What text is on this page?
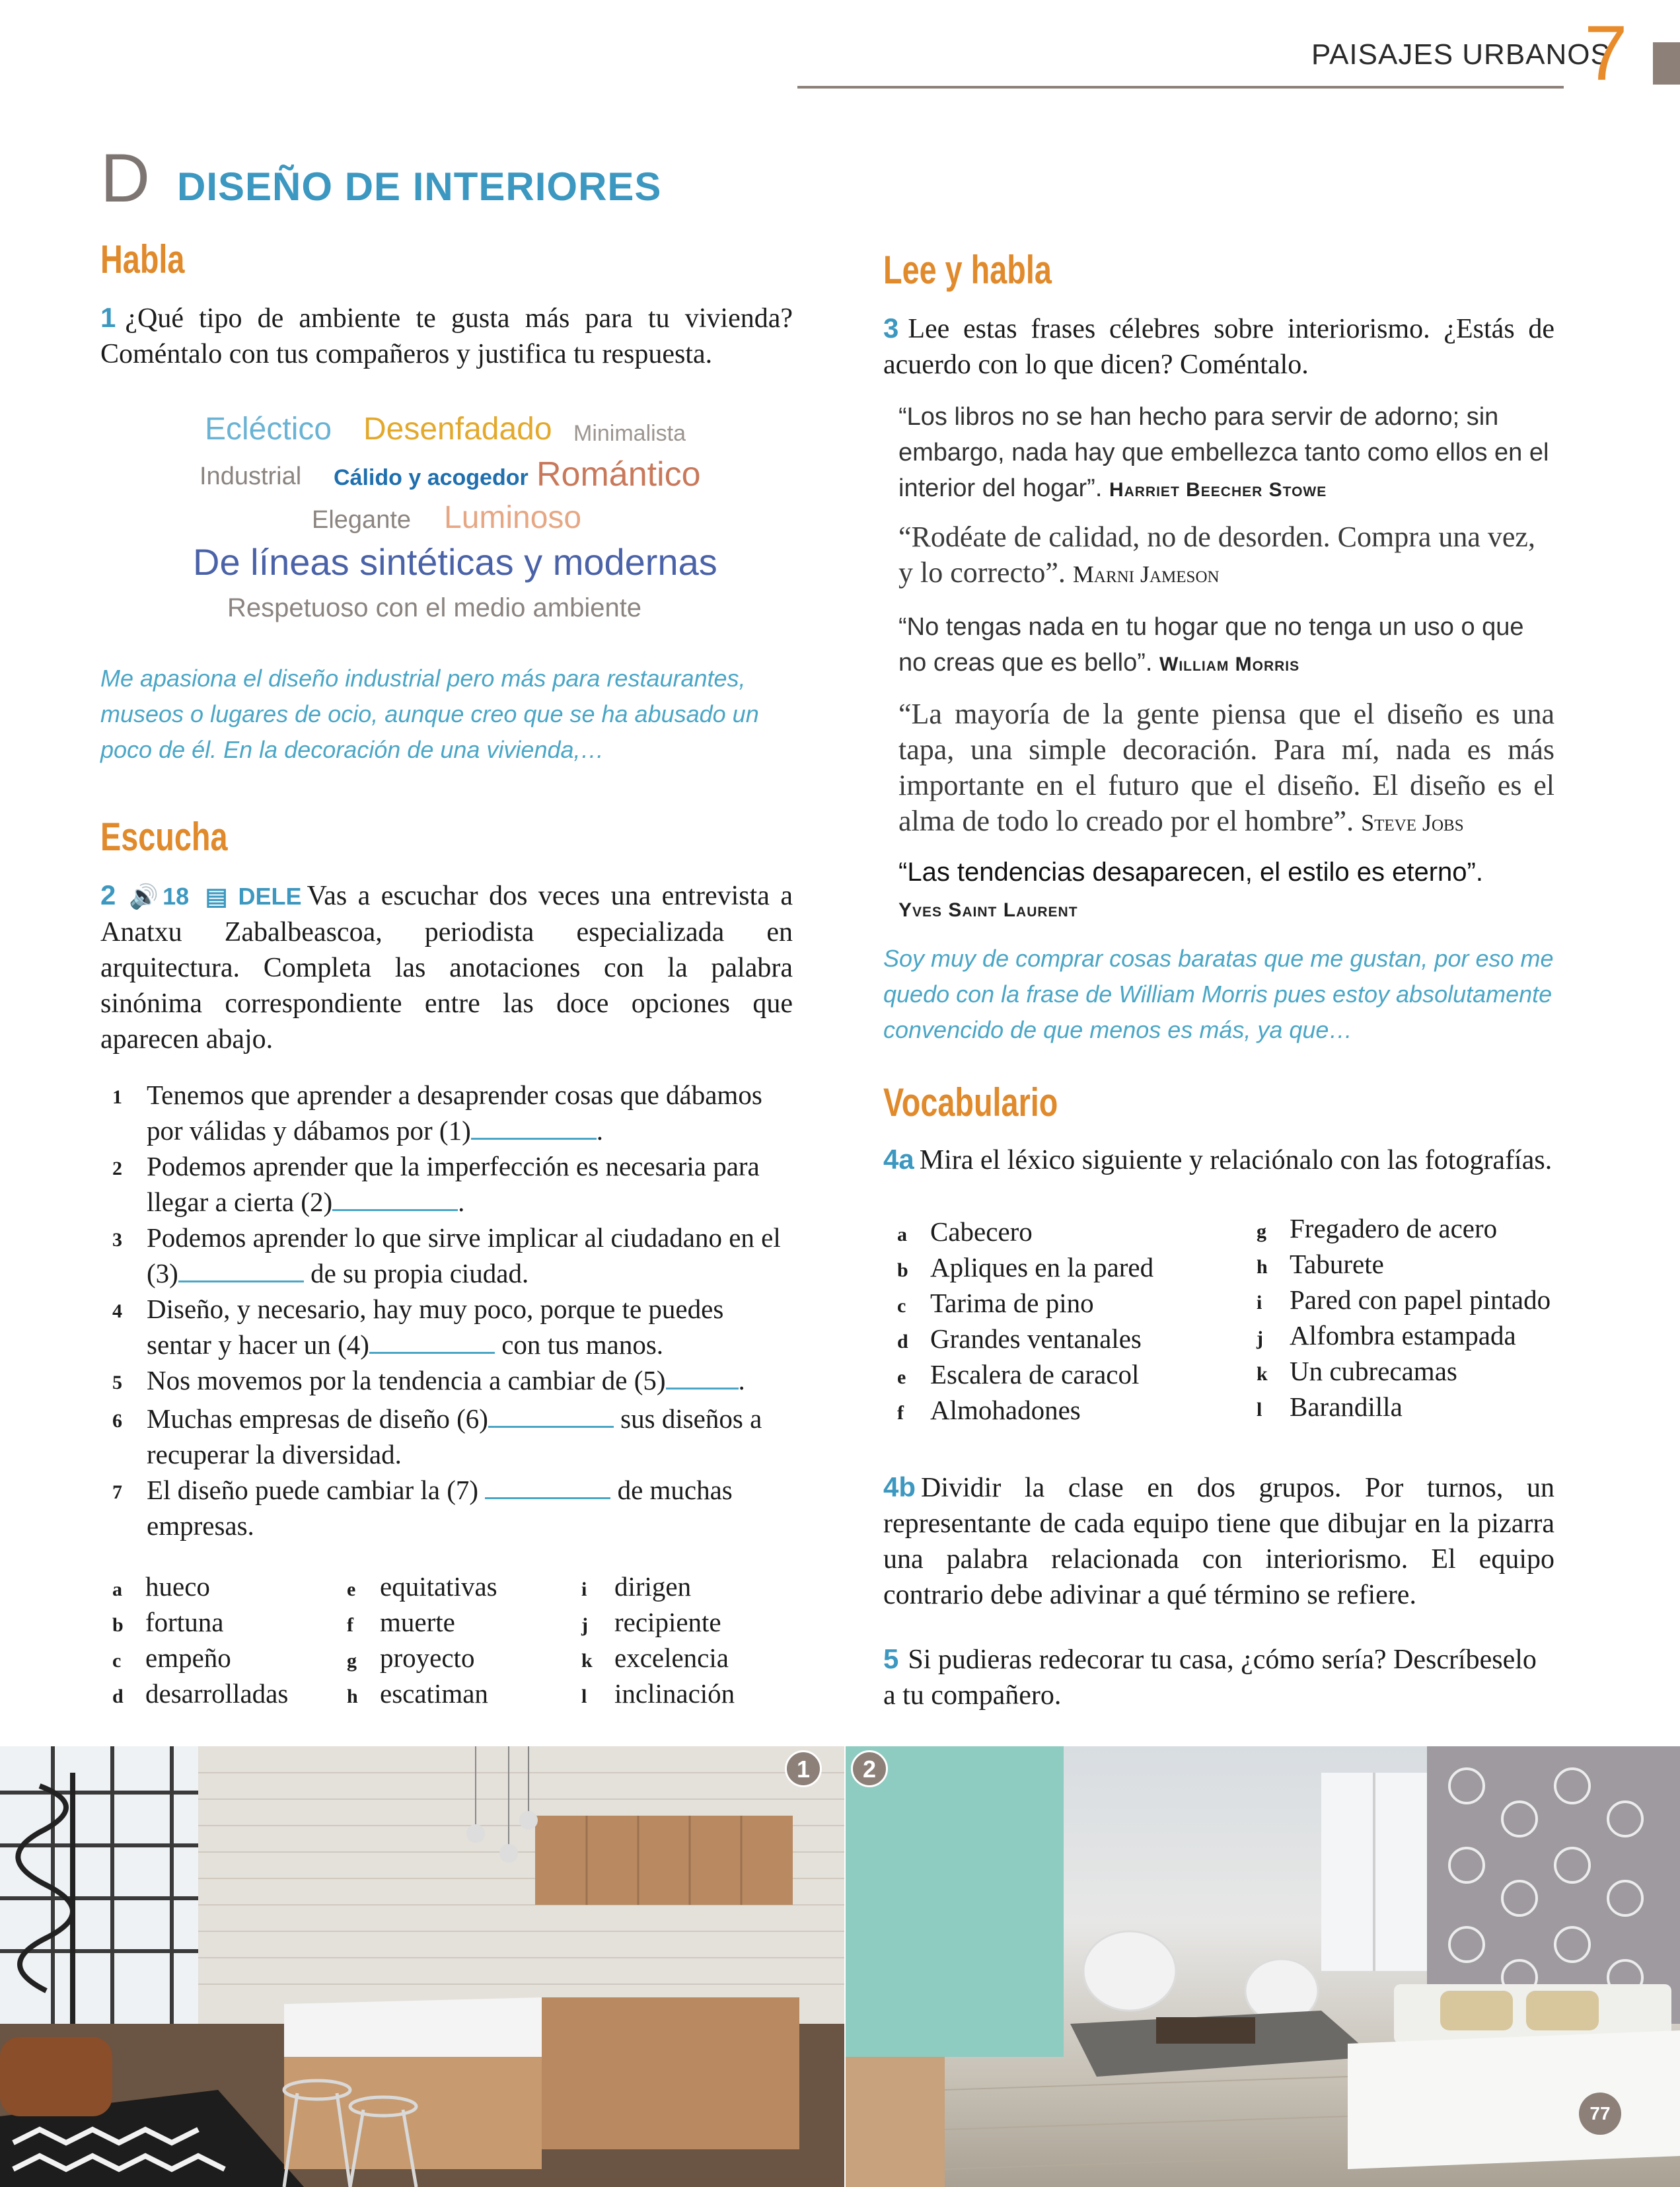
PAISAJES URBANOS
7
D DISEÑO DE INTERIORES
Habla
1 ¿Qué tipo de ambiente te gusta más para tu vivienda? Coméntalo con tus compañeros y justifica tu respuesta.
Ecléctico Desenfadado Minimalista
Industrial Cálido y acogedor Romántico
Elegante Luminoso
De líneas sintéticas y modernas
Respetuoso con el medio ambiente
Me apasiona el diseño industrial pero más para restaurantes, museos o lugares de ocio, aunque creo que se ha abusado un poco de él. En la decoración de una vivienda,…
Escucha
2 🔊18 ▤ DELE Vas a escuchar dos veces una entrevista a Anatxu Zabalbeascoa, periodista especializada en arquitectura. Completa las anotaciones con la palabra sinónima correspondiente entre las doce opciones que aparecen abajo.
1 Tenemos que aprender a desaprender cosas que dábamos por válidas y dábamos por (1)	.
2 Podemos aprender que la imperfección es necesaria para llegar a cierta (2)	.
3 Podemos aprender lo que sirve implicar al ciudadano en el (3)	de su propia ciudad.
4 Diseño, y necesario, hay muy poco, porque te puedes sentar y hacer un (4)	con tus manos.
5 Nos movemos por la tendencia a cambiar de (5)	.
6 Muchas empresas de diseño (6)	sus diseños a recuperar la diversidad.
7 El diseño puede cambiar la (7)	de muchas empresas.
a hueco	e equitativas	i dirigen
b fortuna	f muerte	j recipiente
c empeño	g proyecto	k excelencia
d desarrolladas	h escatiman	l inclinación
Lee y habla
3 Lee estas frases célebres sobre interiorismo. ¿Estás de acuerdo con lo que dicen? Coméntalo.
“Los libros no se han hecho para servir de adorno; sin embargo, nada hay que embellezca tanto como ellos en el interior del hogar”. Harriet Beecher Stowe
“Rodéate de calidad, no de desorden. Compra una vez, y lo correcto”. Marni Jameson
“No tengas nada en tu hogar que no tenga un uso o que no creas que es bello”. William Morris
“La mayoría de la gente piensa que el diseño es una tapa, una simple decoración. Para mí, nada es más importante en el futuro que el diseño. El diseño es el alma de todo lo creado por el hombre”. Steve Jobs
“Las tendencias desaparecen, el estilo es eterno”.
Yves Saint Laurent
Soy muy de comprar cosas baratas que me gustan, por eso me quedo con la frase de William Morris pues estoy absolutamente convencido de que menos es más, ya que…
Vocabulario
4a Mira el léxico siguiente y relaciónalo con las fotografías.
a Cabecero
b Apliques en la pared
c Tarima de pino
d Grandes ventanales
e Escalera de caracol
f Almohadones
g Fregadero de acero
h Taburete
i Pared con papel pintado
j Alfombra estampada
k Un cubrecamas
l Barandilla
4b Dividir la clase en dos grupos. Por turnos, un representante de cada equipo tiene que dibujar en la pizarra una palabra relacionada con interiorismo. El equipo contrario debe adivinar a qué término se refiere.
5 Si pudieras redecorar tu casa, ¿cómo sería? Descríbeselo a tu compañero.
1	2
77
